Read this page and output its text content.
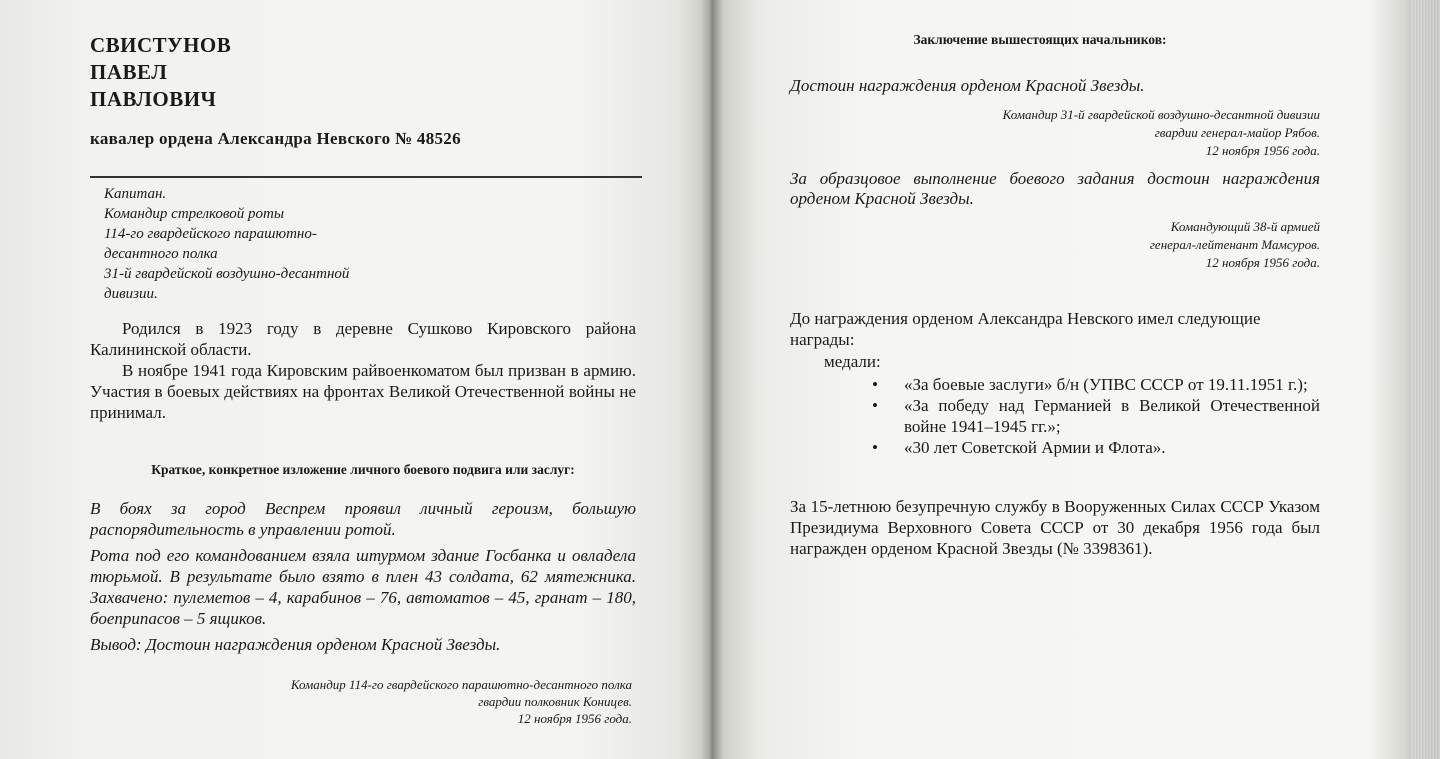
СВИСТУНОВ
ПАВЕЛ
ПАВЛОВИЧ
кавалер ордена Александра Невского № 48526
Капитан.
Командир стрелковой роты
114-го гвардейского парашютно-
десантного полка
31-й гвардейской воздушно-десантной
дивизии.

Родился в 1923 году в деревне Сушково Кировского района Калининской области.

В ноябре 1941 года Кировским райвоенкоматом был призван в армию. Участия в боевых действиях на фронтах Великой Отечественной войны не принимал.

Краткое, конкретное изложение личного боевого подвига или заслуг:

В боях за город Веспрем проявил личный героизм, большую распорядительность в управлении ротой.

Рота под его командованием взяла штурмом здание Госбанка и овладела тюрьмой. В результате было взято в плен 43 солдата, 62 мятежника. Захвачено: пулеметов – 4, карабинов – 76, автоматов – 45, гранат – 180, боеприпасов – 5 ящиков.

Вывод: Достоин награждения орденом Красной Звезды.

Командир 114-го гвардейского парашютно-десантного полка
гвардии полковник Коницев.
12 ноября 1956 года.
Заключение вышестоящих начальников:
Достоин награждения орденом Красной Звезды.
Командир 31-й гвардейской воздушно-десантной дивизии
гвардии генерал-майор Рябов.
12 ноября 1956 года.
За образцовое выполнение боевого задания достоин награждения орденом Красной Звезды.
Командующий 38-й армией
генерал-лейтенант Мамсуров.
12 ноября 1956 года.

До награждения орденом Александра Невского имел следующие награды:

медали:
• «За боевые заслуги» б/н (УПВС СССР от 19.11.1951 г.);
• «За победу над Германией в Великой Отечественной войне 1941–1945 гг.»;
• «30 лет Советской Армии и Флота».

За 15-летнюю безупречную службу в Вооруженных Силах СССР Указом Президиума Верховного Совета СССР от 30 декабря 1956 года был награжден орденом Красной Звезды (№ 3398361).
